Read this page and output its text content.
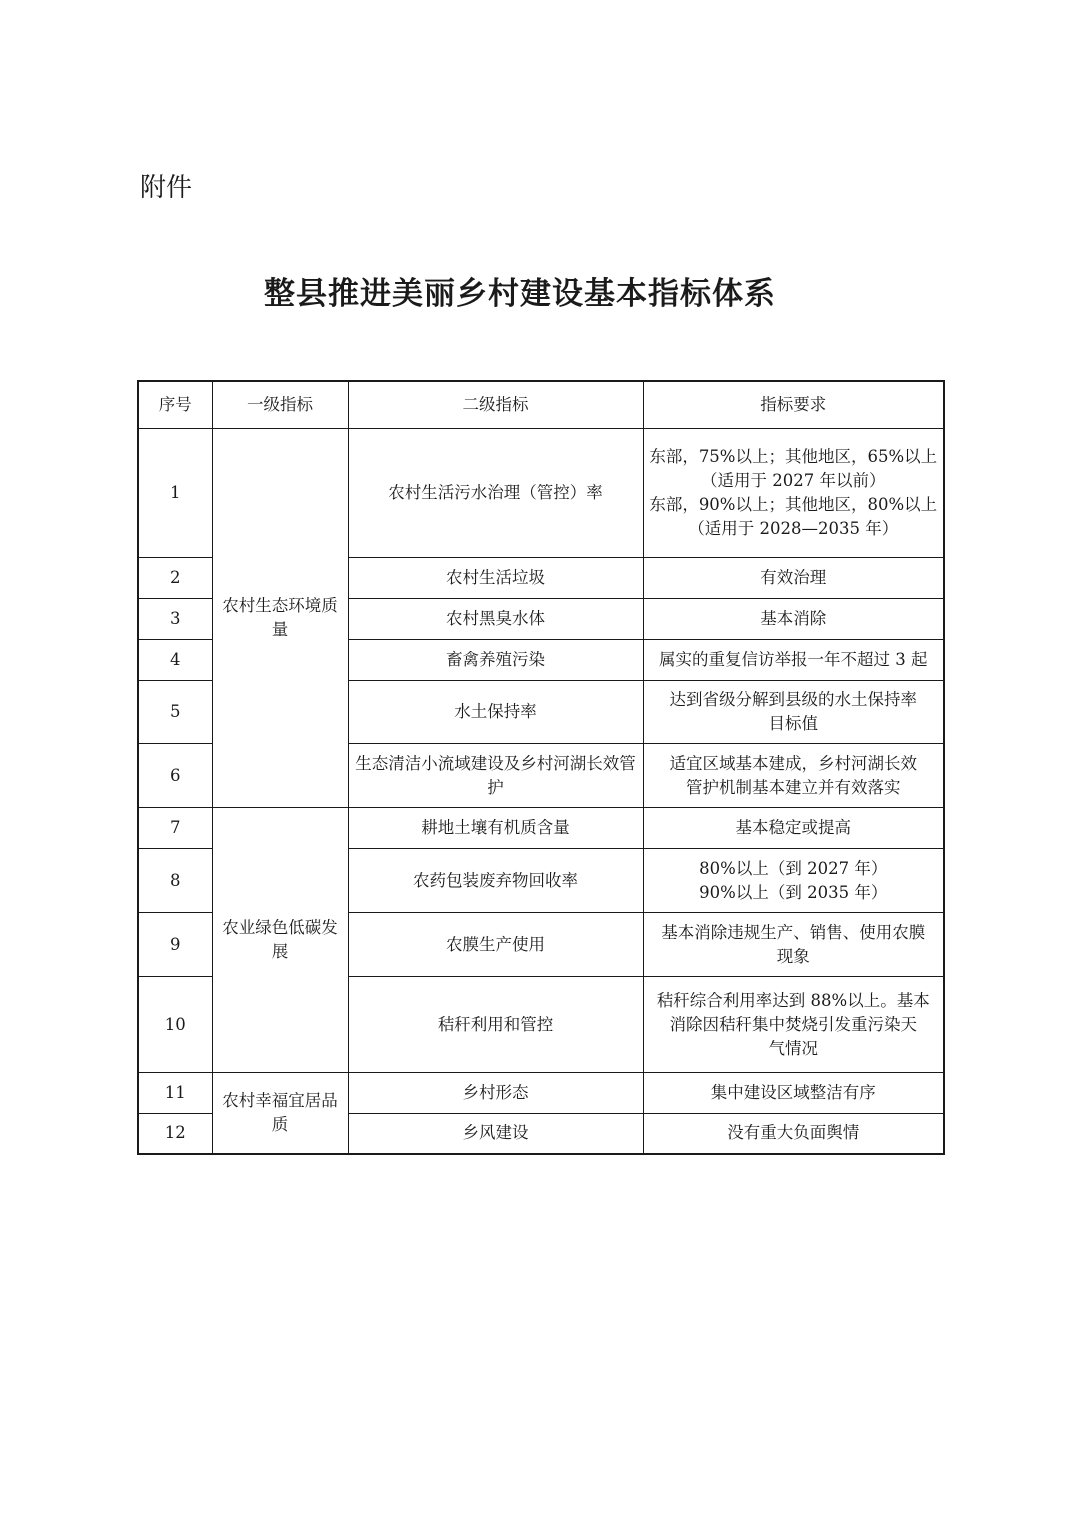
附件
整县推进美丽乡村建设基本指标体系
序号	一级指标	二级指标	指标要求
1	农村生态环境质量	农村生活污水治理（管控）率	东部，75%以上；其他地区，65%以上
（适用于 2027 年以前）
东部，90%以上；其他地区，80%以上
（适用于 2028—2035 年）

2		农村生活垃圾	有效治理

3		农村黑臭水体	基本消除

4		畜禽养殖污染	属实的重复信访举报一年不超过 3 起

5		水土保持率	达到省级分解到县级的水土保持率
目标值

6		生态清洁小流域建设及乡村河湖长效管护	适宜区域基本建成，乡村河湖长效
管护机制基本建立并有效落实

7	农业绿色低碳发展	耕地土壤有机质含量	基本稳定或提高

8		农药包装废弃物回收率	80%以上（到 2027 年）
90%以上（到 2035 年）

9		农膜生产使用	基本消除违规生产、销售、使用农膜
现象

10		秸秆利用和管控	秸秆综合利用率达到 88%以上。基本
消除因秸秆集中焚烧引发重污染天
气情况

11	农村幸福宜居品质	乡村形态	集中建设区域整洁有序

12		乡风建设	没有重大负面舆情
